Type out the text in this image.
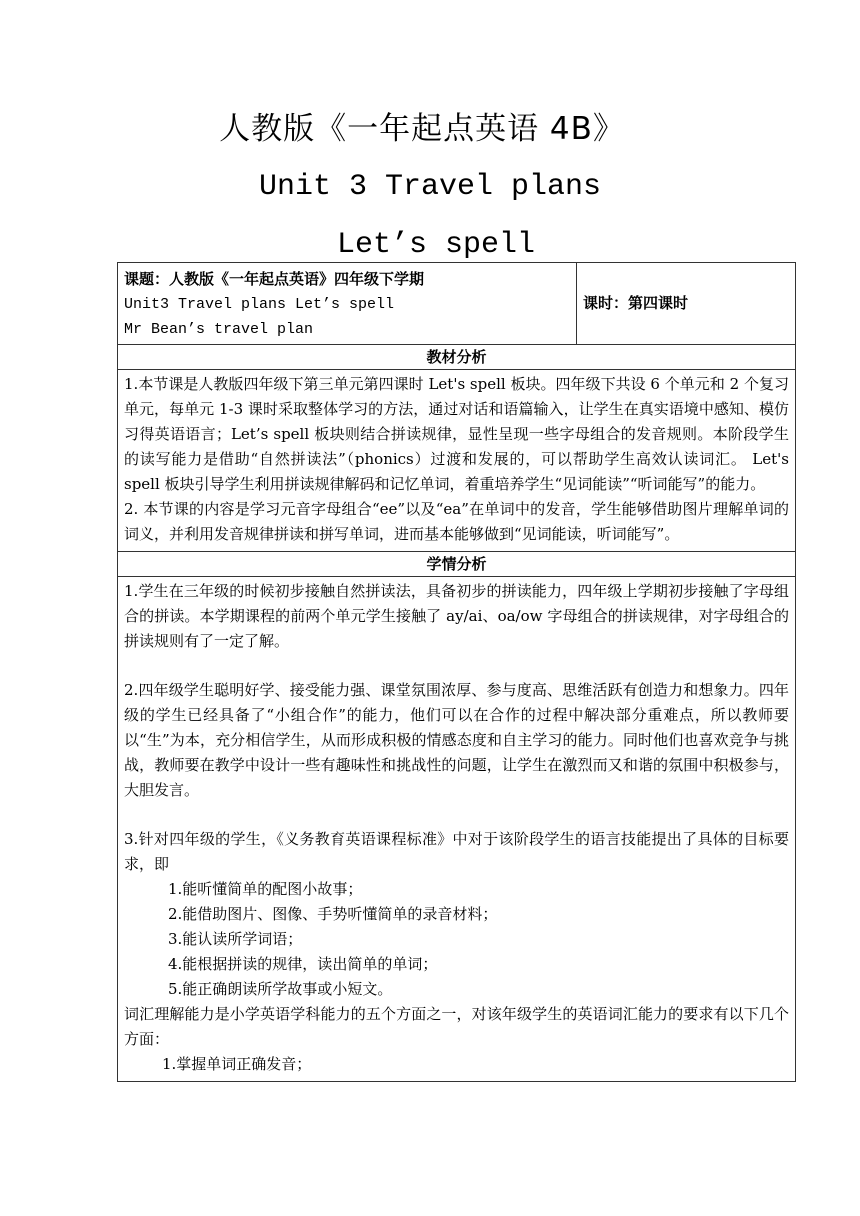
人教版《一年起点英语 4B》
Unit 3 Travel plans
Let’s spell
课题：人教版《一年起点英语》四年级下学期
Unit3 Travel plans Let’s spell
Mr Bean’s travel plan
	课时：第四课时
教材分析

1.本节课是人教版四年级下第三单元第四课时 Let's spell 板块。四年级下共设 6 个单元和 2 个复习单元，每单元 1-3 课时采取整体学习的方法，通过对话和语篇输入，让学生在真实语境中感知、模仿习得英语语言；Let’s spell 板块则结合拼读规律，显性呈现一些字母组合的发音规则。本阶段学生的读写能力是借助“自然拼读法”（phonics）过渡和发展的，可以帮助学生高效认读词汇。 Let's spell 板块引导学生利用拼读规律解码和记忆单词，着重培养学生“见词能读”“听词能写”的能力。

2. 本节课的内容是学习元音字母组合“ee”以及“ea”在单词中的发音，学生能够借助图片理解单词的词义，并利用发音规律拼读和拼写单词，进而基本能够做到“见词能读，听词能写”。

学情分析

1.学生在三年级的时候初步接触自然拼读法，具备初步的拼读能力，四年级上学期初步接触了字母组合的拼读。本学期课程的前两个单元学生接触了 ay/ai、oa/ow 字母组合的拼读规律，对字母组合的拼读规则有了一定了解。

2.四年级学生聪明好学、接受能力强、课堂氛围浓厚、参与度高、思维活跃有创造力和想象力。四年级的学生已经具备了“小组合作”的能力，他们可以在合作的过程中解决部分重难点，所以教师要以“生”为本，充分相信学生，从而形成积极的情感态度和自主学习的能力。同时他们也喜欢竞争与挑战，教师要在教学中设计一些有趣味性和挑战性的问题，让学生在激烈而又和谐的氛围中积极参与，大胆发言。

3.针对四年级的学生，《义务教育英语课程标准》中对于该阶段学生的语言技能提出了具体的目标要求，即

1.能听懂简单的配图小故事；

2.能借助图片、图像、手势听懂简单的录音材料；

3.能认读所学词语；

4.能根据拼读的规律，读出简单的单词；

5.能正确朗读所学故事或小短文。

词汇理解能力是小学英语学科能力的五个方面之一，对该年级学生的英语词汇能力的要求有以下几个方面：

1.掌握单词正确发音；
